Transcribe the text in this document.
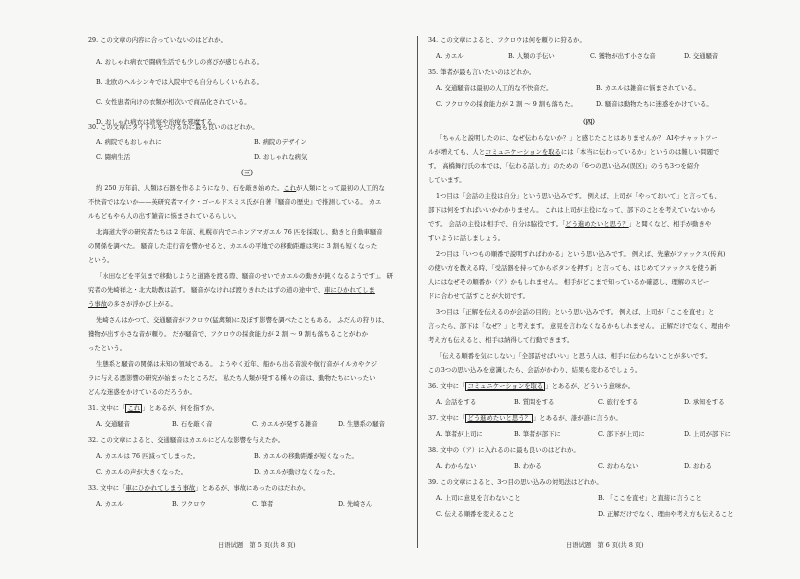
29. この文章の内容に合っていないのはどれか。
A. おしゃれ病衣で闘病生活でも少しの喜びが感じられる。
B. 北欧のヘルシンキでは入院中でも自分らしくいられる。
C. 女性患者向けの衣類が相次いで商品化されている。
D. おしゃれ病衣は診察や治療を邪魔する。
30. この文章にタイトルをつけるのに最も良いのはどれか。
A. 病院でもおしゃれに	B. 病院のデザイン
C. 闘病生活	D. おしゃれな病気
（三）
約 250 万年前、人類は石器を作るようになり、石を敲き始めた。これが人類にとって最初の人工的な
不快音ではないか——英研究者マイク・ゴールドスミス氏が自著『騒音の歴史』で推測している。 カエ
ルもどもやら人の出す雑音に悩まされているらしい。
北海道大学の研究者たちは 2 年前、札幌市内でニホンアマガエル 76 匹を採取し、動きと自動車騒音
の関係を調べた。 騒音した走行音を響かせると、カエルの平地での移動距離は実に 3 割も短くなった
という。
「水田などを平気まで移動しようと道路を渡る際、騒音のせいでカエルの動きが鈍くなるようです」。 研
究者の先崎祥之・北大助教は話す。 騒音がなければ渡りきれたはずの道の途中で、車にひかれてしま
う事故の多さが浮かび上がる。
先崎さんはかつて、交通騒音がフクロウ(猛禽類)に及ぼす影響を調べたこともある。 ふだんの狩りは、
獲物が出す小さな音が頼り。 だが騒音で、フクロウの採食能力が 2 割 ～ 9 割も落ちることがわか
ったという。
生態系と騒音の関係は未知の領域である。 ようやく近年、船から出る音波や航行音がイルカやクジ
ラに与える悪影響の研究が始まったところだ。 私たち人類が発する種々の音は、動物たちにいったい
どんな迷惑をかけているのだろうか。
31. 文中に「 これ 」とあるが、何を指すか。
A. 交通騒音	B. 石を敲く音	C. カエルが発する雑音	D. 生態系の騒音
32. この文章によると、交通騒音はカエルにどんな影響を与えたか。
A. カエルは 76 匹減ってしまった。	B. カエルの移動距離が短くなった。
C. カエルの声が大きくなった。	D. カエルが動けなくなった。
33. 文中に「車にひかれてしまう事故」とあるが、事故にあったのはだれか。
A. カエル	B. フクロウ	C. 筆者	D. 先崎さん
34. この文章によると、フクロウは何を頼りに狩るか。
A. カエル	B. 人類の手伝い	C. 獲物が出す小さな音	D. 交通騒音
35. 筆者が最も言いたいのはどれか。
A. 交通騒音は最初の人工的な不快音だ。	B. カエルは雑音に悩まされている。
C. フクロウの採食能力が 2 割 ～ 9 割も落ちた。	D. 騒音は動物たちに迷惑をかけている。
（四）
「ちゃんと説明したのに、なぜ伝わらないか？」と感じたことはありませんか？ AIやチャットツー
ルが増えても、人とコミュニケーションを取るには「本当に伝わっているか」というのは難しい問題で
す。 高橋舞行氏の本では、「伝わる話し方」のための「6つの思い込み(误区)」のうち3つを紹介
しています。
1つ目は「会話の主役は自分」という思い込みです。 例えば、上司が「やっておいて」と言っても、
部下は何をすればいいかわかりません。 これは上司が主役になって、部下のことを考えていないから
です。 会話の主役は相手で、自分は脇役です。「どう進めたいと思う？」と聞くなど、相手が動きや
すいように話しましょう。
2つ目は「いつもの順番で説明すればわかる」という思い込みです。 例えば、先輩がファックス(传真)
の使い方を教える時、「受話器を持ってからボタンを押す」と言っても、はじめてファックスを使う新
人にはなぜその順番か（ア）かもしれません。 相手がどこまで知っているか確認し、理解のスピー
ドに合わせて話すことが大切です。
3つ目は「正解を伝えるのが会話の目的」という思い込みです。 例えば、上司が「ここを直せ」と
言ったら、部下は「なぜ？」と考えます。 意見を言わなくなるかもしれません。 正解だけでなく、理由や
考え方も伝えると、相手は納得して行動できます。
「伝える順番を気にしない」「全部話せばいい」と思う人は、相手に伝わらないことが多いです。
この3つの思い込みを意識したら、会話がかわり、結果も変わるでしょう。
36. 文中に「 コミュニケーションを取る 」とあるが、どういう意味か。
A. 会話をする	B. 質問をする	C. 旅行をする	D. 承知をする
37. 文中に「 どう進めたいと思う？ 」とあるが、誰が誰に言うか。
A. 筆者が上司に	B. 筆者が部下に	C. 部下が上司に	D. 上司が部下に
38. 文中の（ア）に入れるのに最も良いのはどれか。
A. わからない	B. わかる	C. おわらない	D. おわる
39. この文章によると、3つ目の思い込みの対処法はどれか。
A. 上司に意見を言わないこと	B. 「ここを直せ」と直接に言うこと
C. 伝える順番を変えること	D. 正解だけでなく、理由や考え方も伝えること
日语试题　第 5 页(共 8 页)	日语试题　第 6 页(共 8 页)
